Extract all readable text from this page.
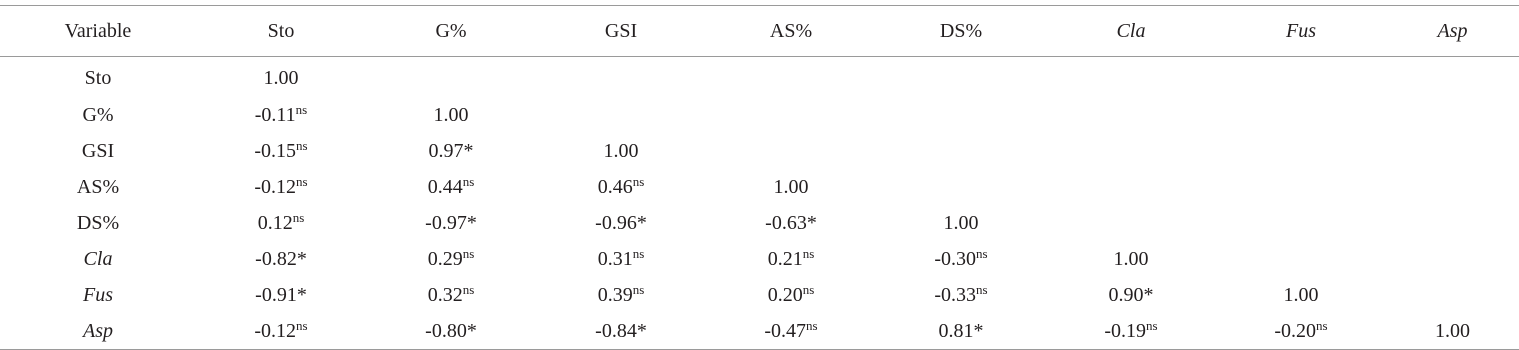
Variable	Sto	G%	GSI	AS%	DS%	Cla	Fus	Asp
Sto	1.00							
G%	$-0.11^{ns}$	1.00						
GSI	$-0.15^{ns}$	0.97*	1.00					
AS%	$-0.12^{ns}$	$0.44^{ns}$	$0.46^{ns}$	1.00				
DS%	$0.12^{ns}$	-0.97*	-0.96*	-0.63*	1.00			
Cla	-0.82*	$0.29^{ns}$	$0.31^{ns}$	$0.21^{ns}$	$-0.30^{ns}$	1.00		
Fus	-0.91*	$0.32^{ns}$	$0.39^{ns}$	$0.20^{ns}$	$-0.33^{ns}$	0.90*	1.00	
Asp	$-0.12^{ns}$	-0.80*	-0.84*	$-0.47^{ns}$	0.81*	$-0.19^{ns}$	$-0.20^{ns}$	1.00
